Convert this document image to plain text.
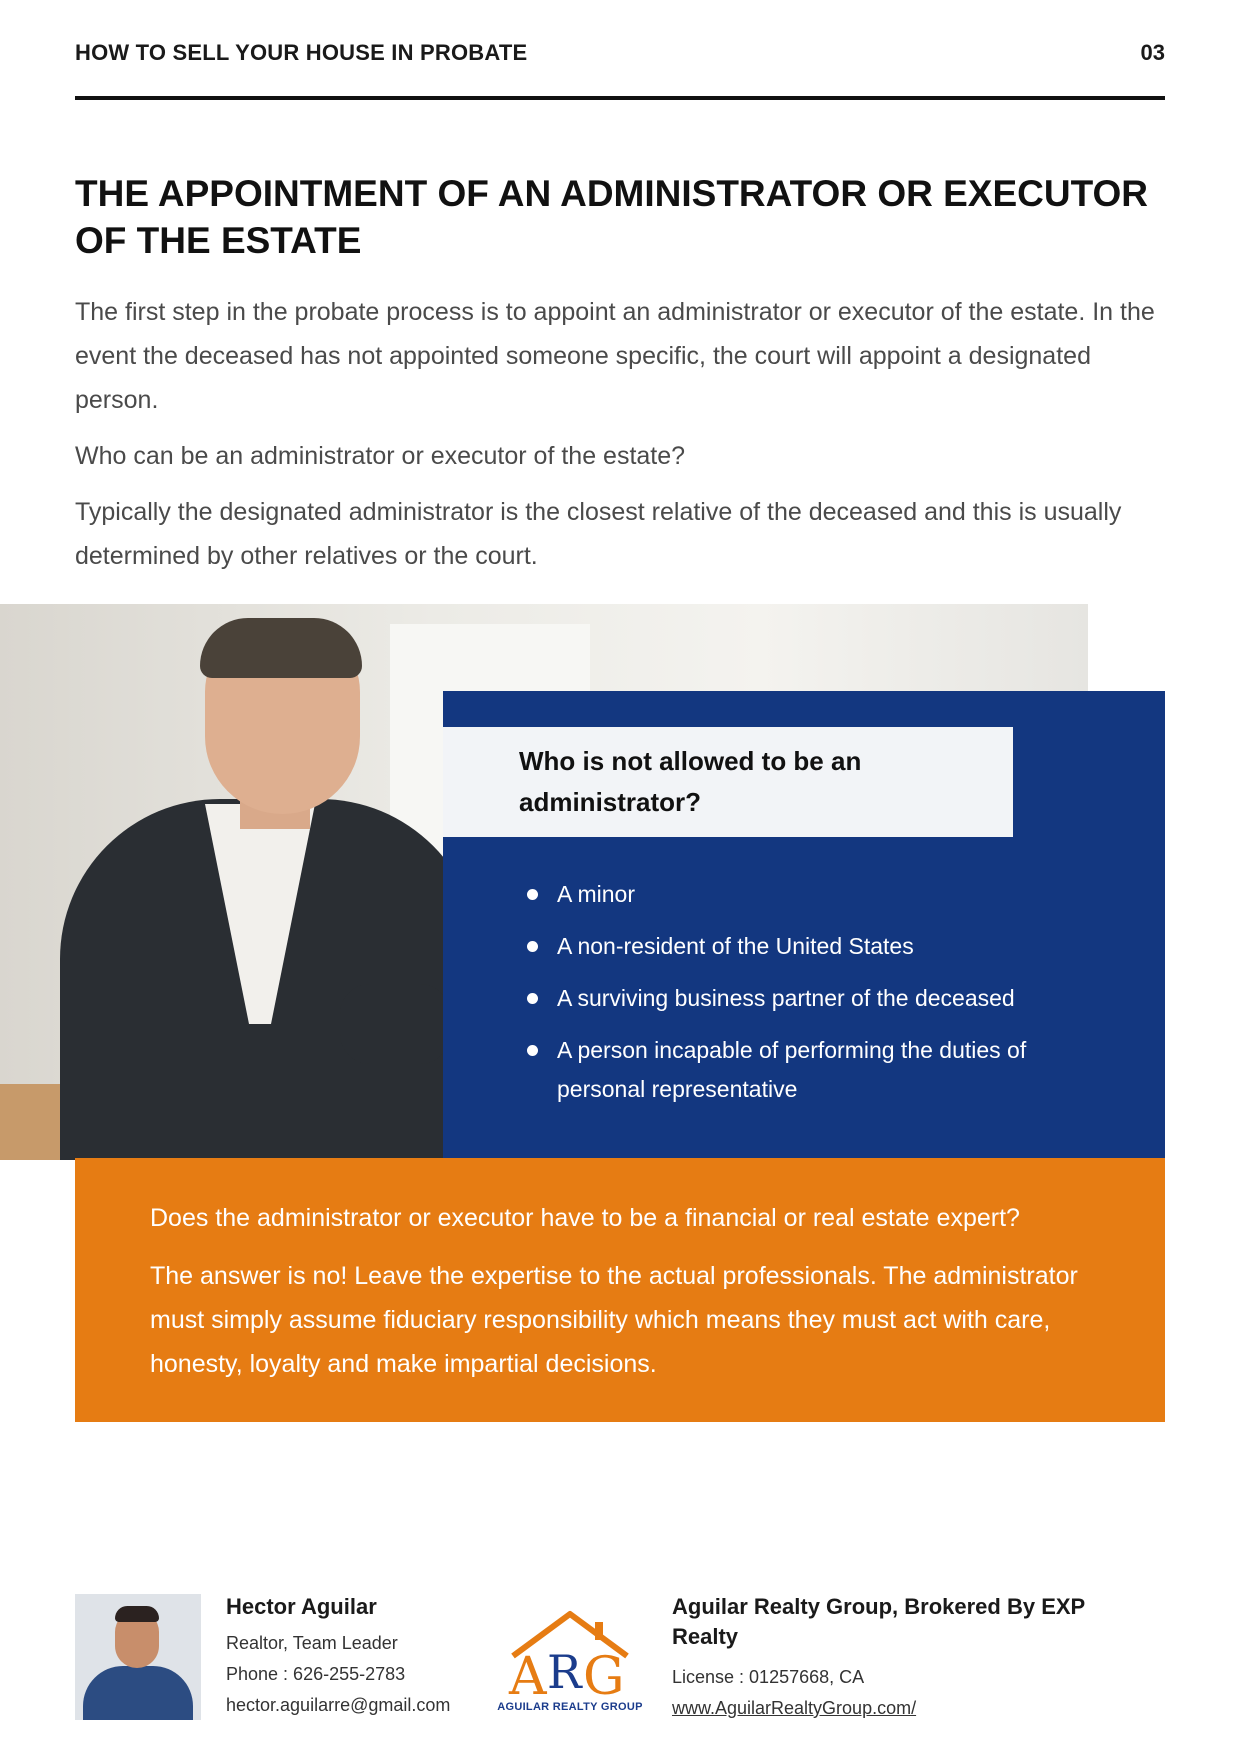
HOW TO SELL YOUR HOUSE IN PROBATE	03
THE APPOINTMENT OF AN ADMINISTRATOR OR EXECUTOR OF THE ESTATE

The first step in the probate process is to appoint an administrator or executor of the estate. In the event the deceased has not appointed someone specific, the court will appoint a designated person.

Who can be an administrator or executor of the estate?

Typically the designated administrator is the closest relative of the deceased and this is usually determined by other relatives or the court.

Who is not allowed to be an administrator?
A minor
A non-resident of the United States
A surviving business partner of the deceased
A person incapable of performing the duties of personal representative

Does the administrator or executor have to be a financial or real estate expert?

The answer is no! Leave the expertise to the actual professionals. The administrator must simply assume fiduciary responsibility which means they must act with care, honesty, loyalty and make impartial decisions.

Hector Aguilar
Realtor, Team Leader
Phone : 626-255-2783
hector.aguilarre@gmail.com	A R G
AGUILAR REALTY GROUP
Aguilar Realty Group, Brokered By EXP Realty
License : 01257668, CA
www.AguilarRealtyGroup.com/
